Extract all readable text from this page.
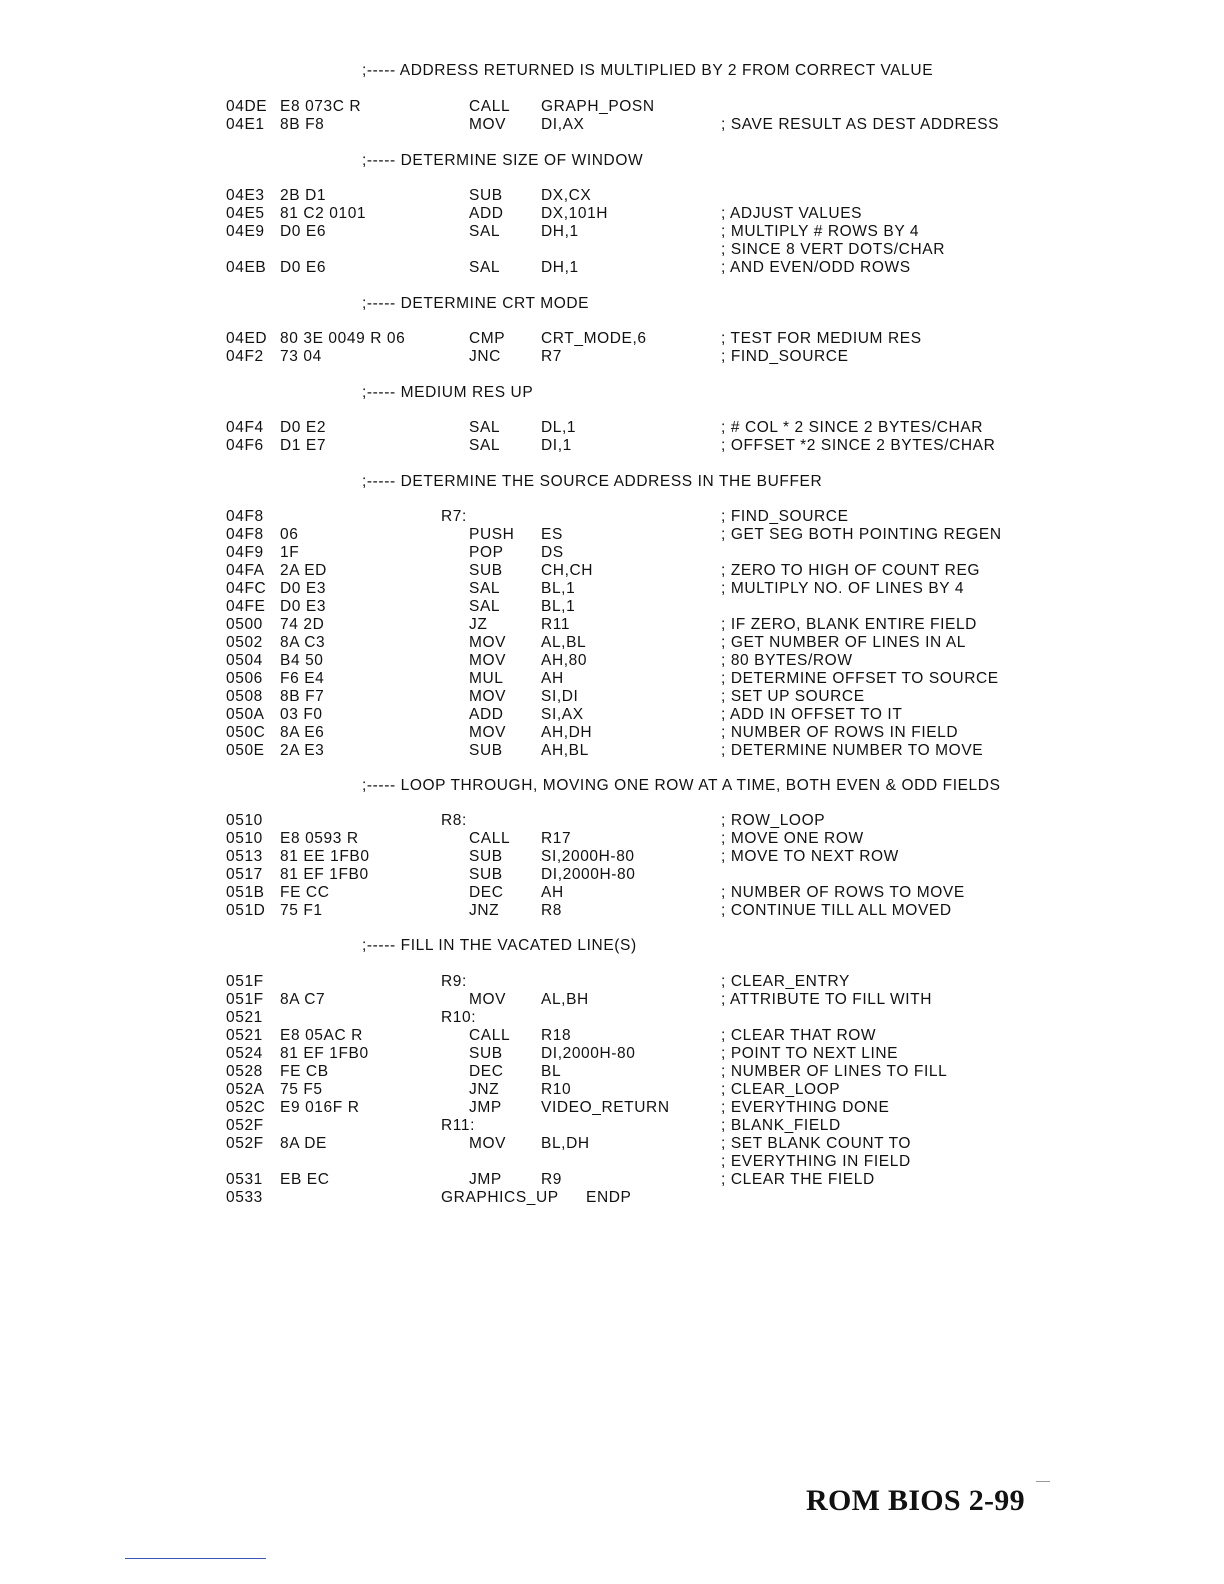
;----- ADDRESS RETURNED IS MULTIPLIED BY 2 FROM CORRECT VALUE
04DE E8 073C R	CALL GRAPH_POSN
04E1 8B F8	MOV DI,AX	; SAVE RESULT AS DEST ADDRESS
;----- DETERMINE SIZE OF WINDOW
04E3 2B D1	SUB DX,CX
04E5 81 C2 0101	ADD DX,101H	; ADJUST VALUES
04E9 D0 E6	SAL	DH,1	; MULTIPLY # ROWS BY 4
; SINCE 8 VERT DOTS/CHAR
04EB D0 E6	SAL	DH,1	; AND EVEN/ODD ROWS
;----- DETERMINE CRT MODE
04ED 80 3E 0049 R 06	CMP CRT_MODE,6	; TEST FOR MEDIUM RES
04F2 73 04	JNC	R7	; FIND_SOURCE
;----- MEDIUM RES UP
04F4 D0 E2	SAL	DL,1	; # COL * 2 SINCE 2 BYTES/CHAR
04F6 D1 E7	SAL	DI,1	; OFFSET *2 SINCE 2 BYTES/CHAR
;----- DETERMINE THE SOURCE ADDRESS IN THE BUFFER
04F8	R7:	; FIND_SOURCE
04F8 06	PUSH ES	; GET SEG BOTH POINTING REGEN
04F9 1F	POP DS
04FA 2A ED	SUB CH,CH	; ZERO TO HIGH OF COUNT REG
04FC D0 E3	SAL	BL,1	; MULTIPLY NO. OF LINES BY 4
04FE D0 E3	SAL	BL,1
0500 74 2D	JZ	R11	; IF ZERO, BLANK ENTIRE FIELD
0502 8A C3	MOV AL,BL	; GET NUMBER OF LINES IN AL
0504 B4 50	MOV AH,80	; 80 BYTES/ROW
0506 F6 E4	MUL AH	; DETERMINE OFFSET TO SOURCE
0508 8B F7	MOV SI,DI	; SET UP SOURCE
050A 03 F0	ADD SI,AX	; ADD IN OFFSET TO IT
050C 8A E6	MOV AH,DH	; NUMBER OF ROWS IN FIELD
050E 2A E3	SUB AH,BL	; DETERMINE NUMBER TO MOVE
;----- LOOP THROUGH, MOVING ONE ROW AT A TIME, BOTH EVEN & ODD FIELDS
0510	R8:	; ROW_LOOP
0510 E8 0593 R	CALL R17	; MOVE ONE ROW
0513 81 EE 1FB0	SUB SI,2000H-80	; MOVE TO NEXT ROW
0517 81 EF 1FB0	SUB DI,2000H-80
051B FE CC	DEC AH	; NUMBER OF ROWS TO MOVE
051D 75 F1	JNZ	R8	; CONTINUE TILL ALL MOVED
;----- FILL IN THE VACATED LINE(S)
051F	R9:	; CLEAR_ENTRY
051F 8A C7	MOV AL,BH	; ATTRIBUTE TO FILL WITH
0521	R10:
0521 E8 05AC R	CALL R18	; CLEAR THAT ROW
0524 81 EF 1FB0	SUB DI,2000H-80	; POINT TO NEXT LINE
0528 FE CB	DEC BL	; NUMBER OF LINES TO FILL
052A 75 F5	JNZ	R10	; CLEAR_LOOP
052C E9 016F R	JMP	VIDEO_RETURN	; EVERYTHING DONE
052F	R11:	; BLANK_FIELD
052F 8A DE	MOV BL,DH	; SET BLANK COUNT TO
; EVERYTHING IN FIELD
0531 EB EC	JMP	R9	; CLEAR THE FIELD
0533	GRAPHICS_UP ENDP
ROM BIOS 2-99
